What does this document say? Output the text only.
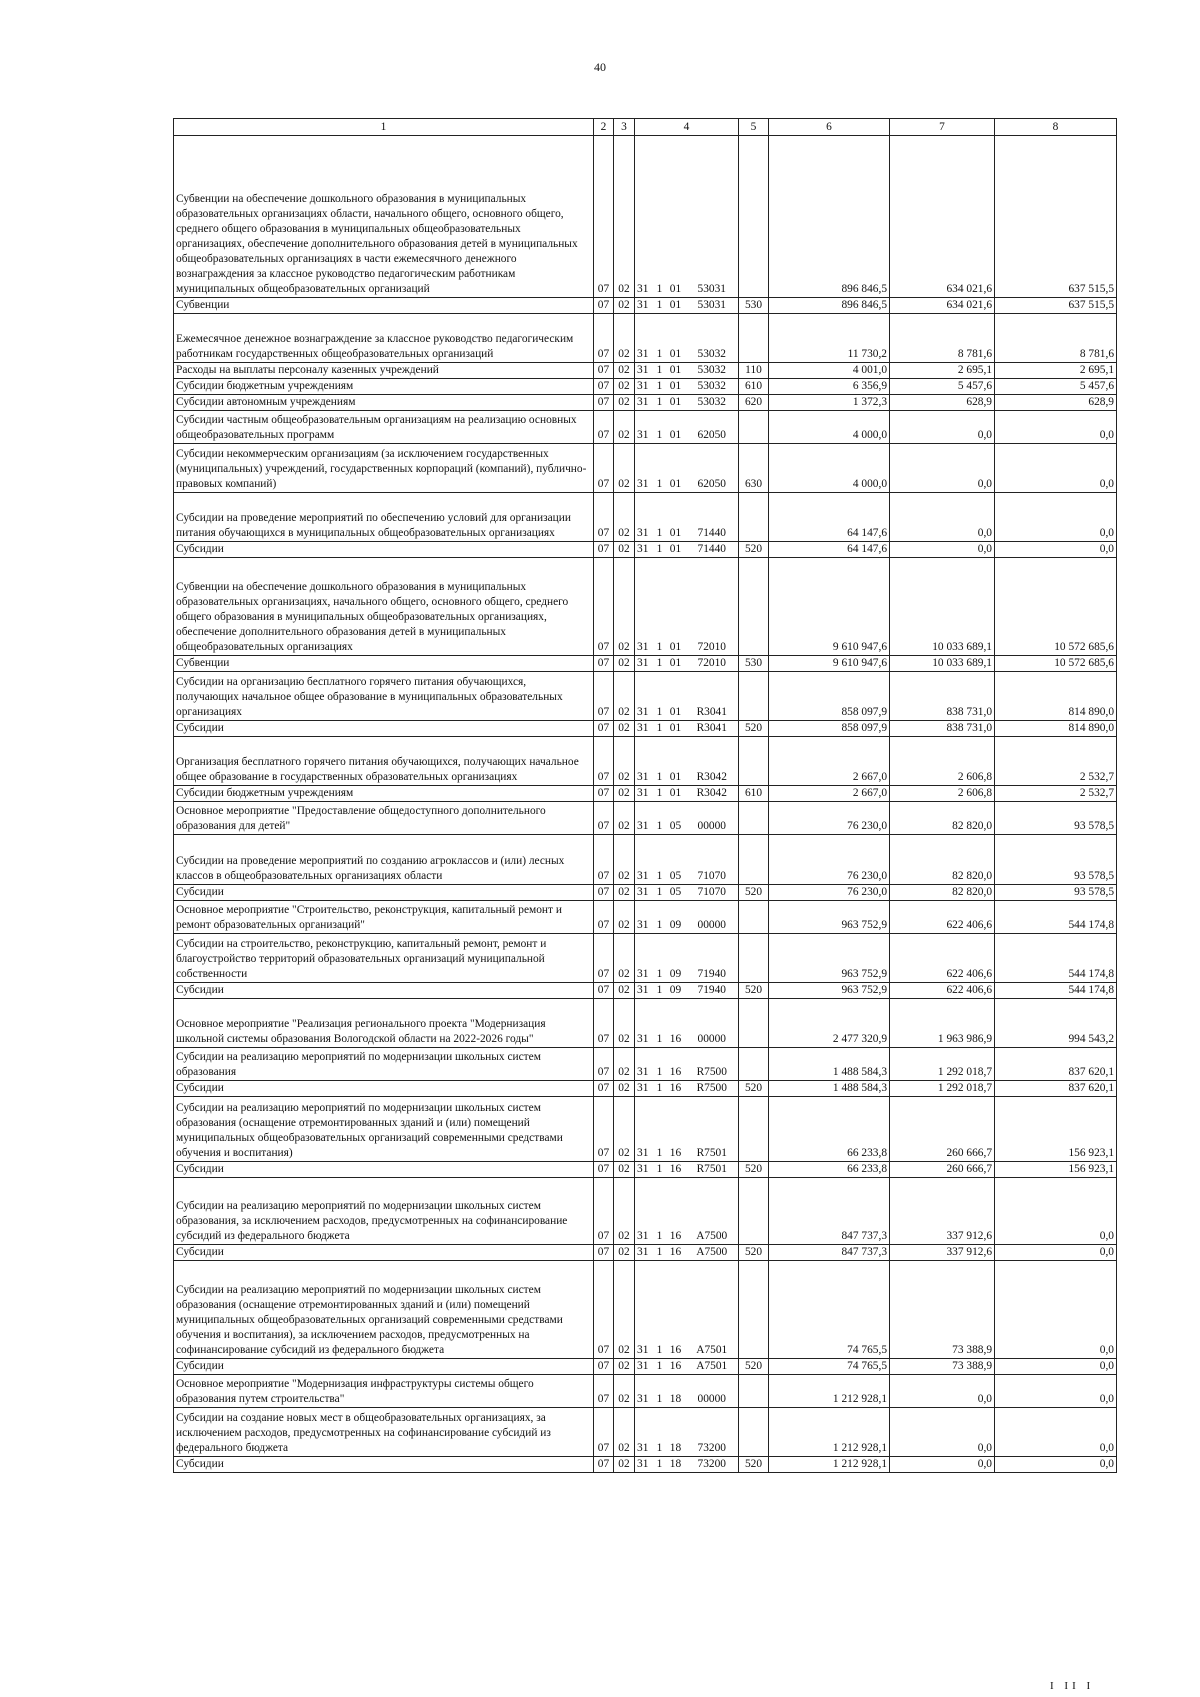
40
1	2	3	4				5	6	7	8
Субвенции на обеспечение дошкольного образования в муниципальных образовательных организациях области, начального общего, основного общего, среднего общего образования в муниципальных общеобразовательных организациях, обеспечение дополнительного образования детей в муниципальных общеобразовательных организациях в части ежемесячного денежного вознаграждения за классное руководство педагогическим работникам муниципальных общеобразовательных организаций	07	02	31	1	01	53031		896 846,5	634 021,6	637 515,5
Субвенции	07	02	31	1	01	53031	530	896 846,5	634 021,6	637 515,5
Ежемесячное денежное вознаграждение за классное руководство педагогическим работникам государственных общеобразовательных организаций	07	02	31	1	01	53032		11 730,2	8 781,6	8 781,6
Расходы на выплаты персоналу казенных учреждений	07	02	31	1	01	53032	110	4 001,0	2 695,1	2 695,1
Субсидии бюджетным учреждениям	07	02	31	1	01	53032	610	6 356,9	5 457,6	5 457,6
Субсидии автономным учреждениям	07	02	31	1	01	53032	620	1 372,3	628,9	628,9
Субсидии частным общеобразовательным организациям на реализацию основных общеобразовательных программ	07	02	31	1	01	62050		4 000,0	0,0	0,0
Субсидии некоммерческим организациям (за исключением государственных (муниципальных) учреждений, государственных корпораций (компаний), публично-правовых компаний)	07	02	31	1	01	62050	630	4 000,0	0,0	0,0
Субсидии на проведение мероприятий по обеспечению условий для организации питания обучающихся в муниципальных общеобразовательных организациях	07	02	31	1	01	71440		64 147,6	0,0	0,0
Субсидии	07	02	31	1	01	71440	520	64 147,6	0,0	0,0
Субвенции на обеспечение дошкольного образования в муниципальных образовательных организациях, начального общего, основного общего, среднего общего образования в муниципальных общеобразовательных организациях, обеспечение дополнительного образования детей в муниципальных общеобразовательных организациях	07	02	31	1	01	72010		9 610 947,6	10 033 689,1	10 572 685,6
Субвенции	07	02	31	1	01	72010	530	9 610 947,6	10 033 689,1	10 572 685,6
Субсидии на организацию бесплатного горячего питания обучающихся, получающих начальное общее образование в муниципальных образовательных организациях	07	02	31	1	01	R3041		858 097,9	838 731,0	814 890,0
Субсидии	07	02	31	1	01	R3041	520	858 097,9	838 731,0	814 890,0
Организация бесплатного горячего питания обучающихся, получающих начальное общее образование в государственных образовательных организациях	07	02	31	1	01	R3042		2 667,0	2 606,8	2 532,7
Субсидии бюджетным учреждениям	07	02	31	1	01	R3042	610	2 667,0	2 606,8	2 532,7
Основное мероприятие "Предоставление общедоступного дополнительного образования для детей"	07	02	31	1	05	00000		76 230,0	82 820,0	93 578,5
Субсидии на проведение мероприятий по созданию агроклассов и (или) лесных классов в общеобразовательных организациях области	07	02	31	1	05	71070		76 230,0	82 820,0	93 578,5
Субсидии	07	02	31	1	05	71070	520	76 230,0	82 820,0	93 578,5
Основное мероприятие "Строительство, реконструкция, капитальный ремонт и ремонт образовательных организаций"	07	02	31	1	09	00000		963 752,9	622 406,6	544 174,8
Субсидии на строительство, реконструкцию, капитальный ремонт, ремонт и благоустройство территорий образовательных организаций муниципальной собственности	07	02	31	1	09	71940		963 752,9	622 406,6	544 174,8
Субсидии	07	02	31	1	09	71940	520	963 752,9	622 406,6	544 174,8
Основное мероприятие "Реализация регионального проекта "Модернизация школьной системы образования Вологодской области на 2022-2026 годы"	07	02	31	1	16	00000		2 477 320,9	1 963 986,9	994 543,2
Субсидии на реализацию мероприятий по модернизации школьных систем образования	07	02	31	1	16	R7500		1 488 584,3	1 292 018,7	837 620,1
Субсидии	07	02	31	1	16	R7500	520	1 488 584,3	1 292 018,7	837 620,1
Субсидии на реализацию мероприятий по модернизации школьных систем образования (оснащение отремонтированных зданий и (или) помещений муниципальных общеобразовательных организаций современными средствами обучения и воспитания)	07	02	31	1	16	R7501		66 233,8	260 666,7	156 923,1
Субсидии	07	02	31	1	16	R7501	520	66 233,8	260 666,7	156 923,1
Субсидии на реализацию мероприятий по модернизации школьных систем образования, за исключением расходов, предусмотренных на софинансирование субсидий из федерального бюджета	07	02	31	1	16	A7500		847 737,3	337 912,6	0,0
Субсидии	07	02	31	1	16	A7500	520	847 737,3	337 912,6	0,0
Субсидии на реализацию мероприятий по модернизации школьных систем образования (оснащение отремонтированных зданий и (или) помещений муниципальных общеобразовательных организаций современными средствами обучения и воспитания), за исключением расходов, предусмотренных на софинансирование субсидий из федерального бюджета	07	02	31	1	16	A7501		74 765,5	73 388,9	0,0
Субсидии	07	02	31	1	16	A7501	520	74 765,5	73 388,9	0,0
Основное мероприятие "Модернизация инфраструктуры системы общего образования путем строительства"	07	02	31	1	18	00000		1 212 928,1	0,0	0,0
Субсидии на создание новых мест в общеобразовательных организациях, за исключением расходов, предусмотренных на софинансирование субсидий из федерального бюджета	07	02	31	1	18	73200		1 212 928,1	0,0	0,0
Субсидии	07	02	31	1	18	73200	520	1 212 928,1	0,0	0,0
I II I
